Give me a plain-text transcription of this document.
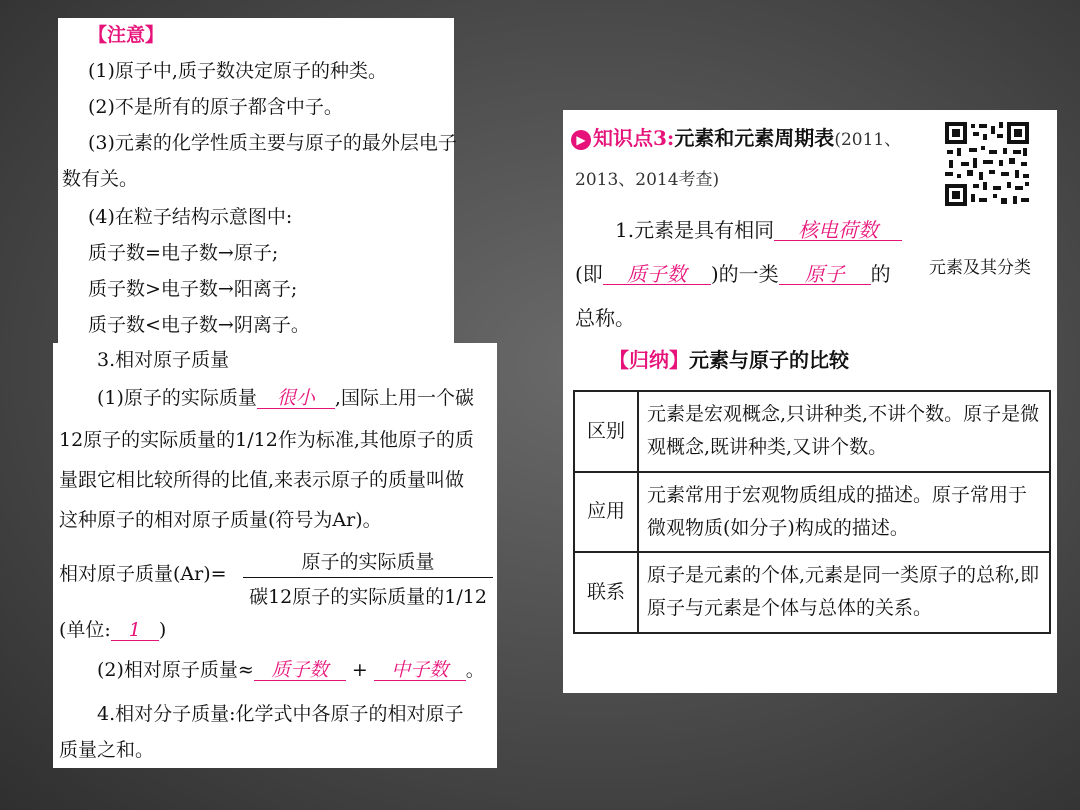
【注意】
(1)原子中,质子数决定原子的种类。
(2)不是所有的原子都含中子。
(3)元素的化学性质主要与原子的最外层电子
数有关。
(4)在粒子结构示意图中:
质子数=电子数→原子;
质子数>电子数→阳离子;
质子数<电子数→阴离子。
3.相对原子质量
(1)原子的实际质量 很小 ,国际上用一个碳
12原子的实际质量的1/12作为标准,其他原子的质
量跟它相比较所得的比值,来表示原子的质量叫做
这种原子的相对原子质量(符号为Ar)。
相对原子质量(Ar)=
原子的实际质量
碳12原子的实际质量的1/12
(单位: 1 )
(2)相对原子质量≈ 质子数 + 中子数 。
4.相对分子质量:化学式中各原子的相对原子
质量之和。
▶ 知识点3:元素和元素周期表(2011、
2013、2014考查)
元素及其分类
1.元素是具有相同 核电荷数
(即 质子数 )的一类 原子 的
总称。
【归纳】元素与原子的比较
区别	元素是宏观概念,只讲种类,不讲个数。原子是微观概念,既讲种类,又讲个数。
应用	元素常用于宏观物质组成的描述。原子常用于微观物质(如分子)构成的描述。
联系	原子是元素的个体,元素是同一类原子的总称,即原子与元素是个体与总体的关系。
